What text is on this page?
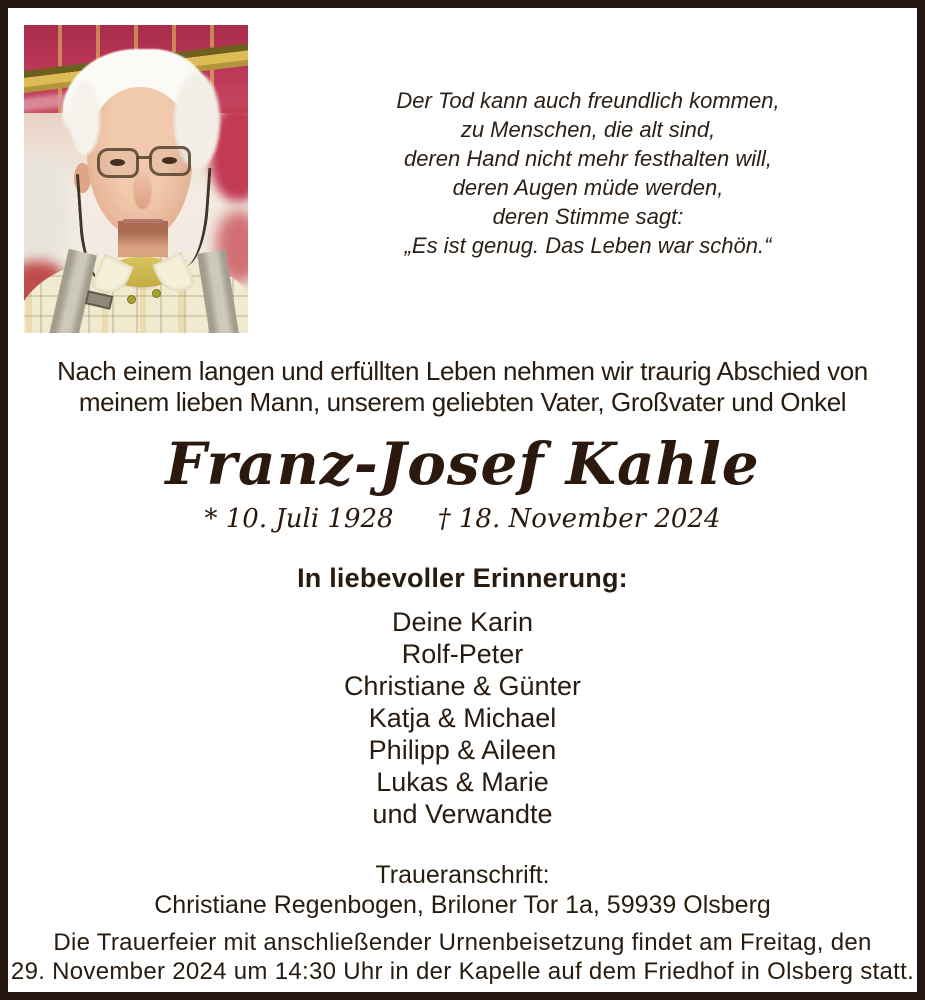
Der Tod kann auch freundlich kommen,
zu Menschen, die alt sind,
deren Hand nicht mehr festhalten will,
deren Augen müde werden,
deren Stimme sagt:
„Es ist genug. Das Leben war schön.“

Nach einem langen und erfüllten Leben nehmen wir traurig Abschied von
meinem lieben Mann, unserem geliebten Vater, Großvater und Onkel

Franz-Josef Kahle

* 10. Juli 1928 † 18. November 2024

In liebevoller Erinnerung:
Deine Karin
Rolf-Peter
Christiane & Günter
Katja & Michael
Philipp & Aileen
Lukas & Marie
und Verwandte

Traueranschrift:

Christiane Regenbogen, Briloner Tor 1a, 59939 Olsberg

Die Trauerfeier mit anschließender Urnenbeisetzung findet am Freitag, den
29. November 2024 um 14:30 Uhr in der Kapelle auf dem Friedhof in Olsberg statt.
